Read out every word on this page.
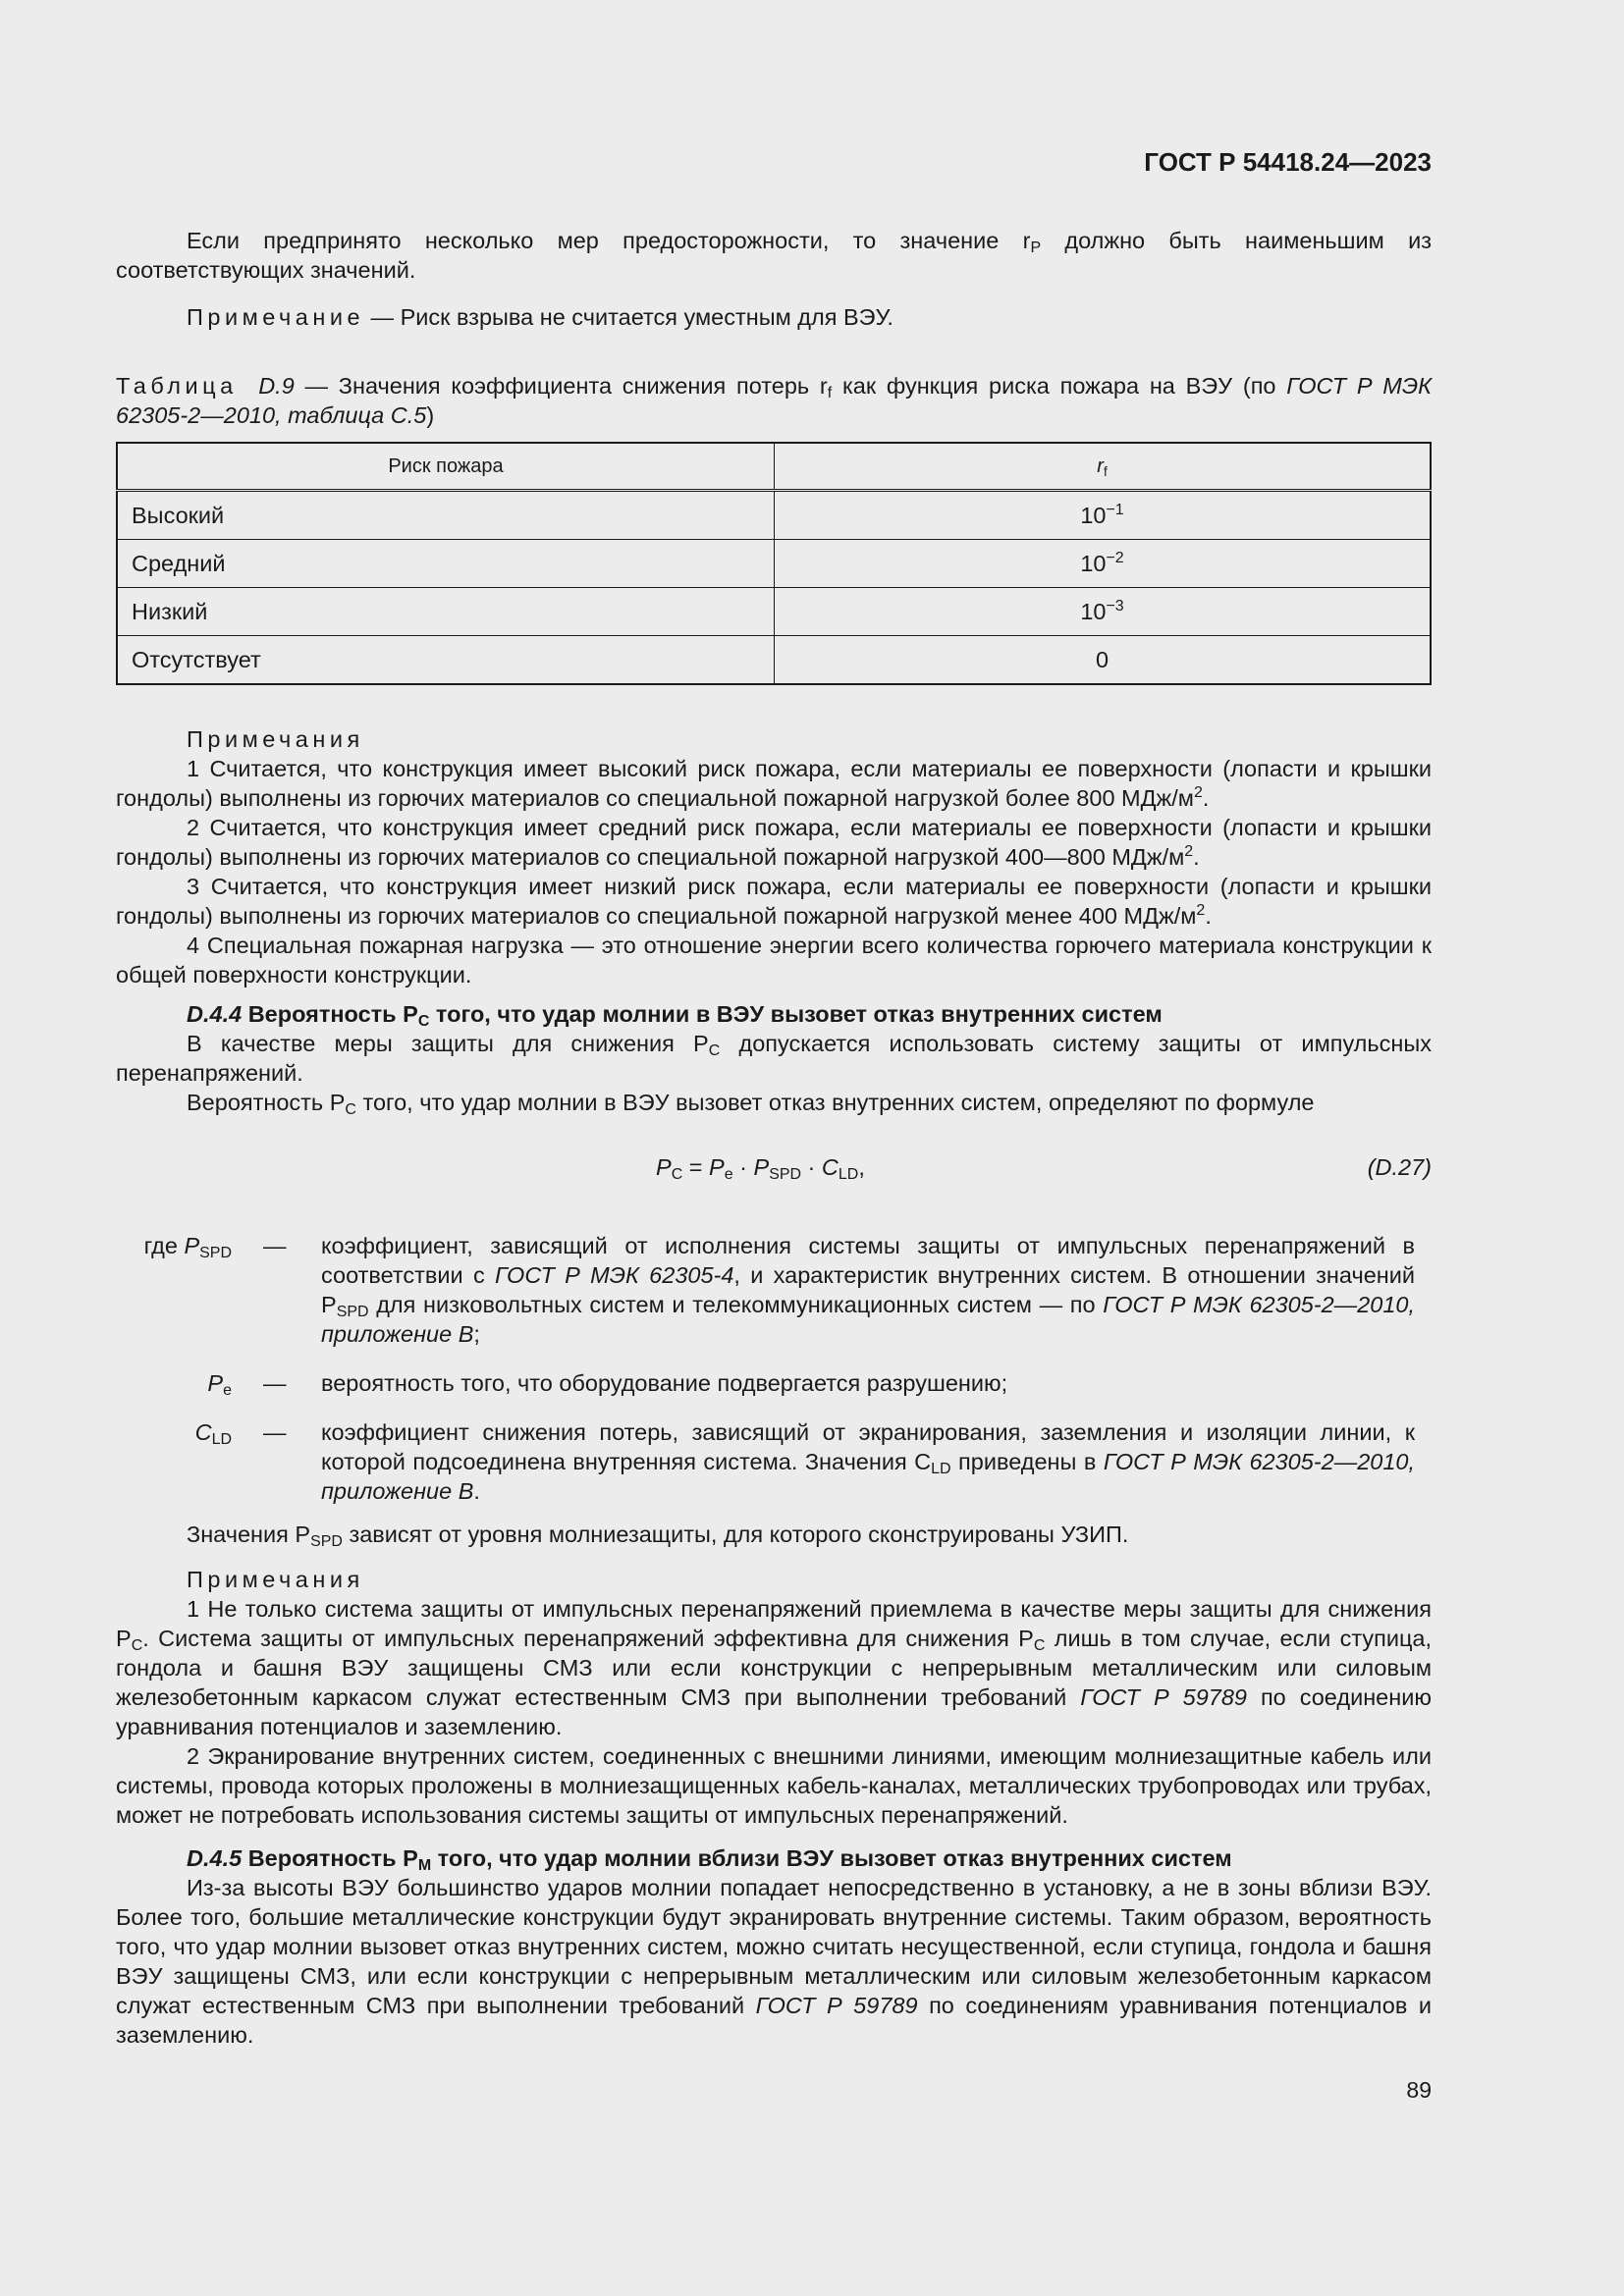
ГОСТ Р 54418.24—2023

Если предпринято несколько мер предосторожности, то значение $r_P$ должно быть наименьшим из соответствующих значений.

Примечание — Риск взрыва не считается уместным для ВЭУ.

Таблица D.9 — Значения коэффициента снижения потерь $r_f$ как функция риска пожара на ВЭУ (по ГОСТ Р МЭК 62305-2—2010, таблица С.5)

Риск пожара	$r_f$
Высокий	$10^{-1}$
Средний	$10^{-2}$
Низкий	$10^{-3}$
Отсутствует	0

Примечания

1 Считается, что конструкция имеет высокий риск пожара, если материалы ее поверхности (лопасти и крышки гондолы) выполнены из горючих материалов со специальной пожарной нагрузкой более 800 МДж/$м^2$.

2 Считается, что конструкция имеет средний риск пожара, если материалы ее поверхности (лопасти и крышки гондолы) выполнены из горючих материалов со специальной пожарной нагрузкой 400—800 МДж/$м^2$.

3 Считается, что конструкция имеет низкий риск пожара, если материалы ее поверхности (лопасти и крышки гондолы) выполнены из горючих материалов со специальной пожарной нагрузкой менее 400 МДж/$м^2$.

4 Специальная пожарная нагрузка — это отношение энергии всего количества горючего материала конструкции к общей поверхности конструкции.

D.4.4 Вероятность $P_C$ того, что удар молнии в ВЭУ вызовет отказ внутренних систем

В качестве меры защиты для снижения $P_C$ допускается использовать систему защиты от импульсных перенапряжений.

Вероятность $P_C$ того, что удар молнии в ВЭУ вызовет отказ внутренних систем, определяют по формуле

$P_C = P_e \cdot P_{SPD} \cdot C_{LD}$,	(D.27)
где $P_{SPD}$ — коэффициент, зависящий от исполнения системы защиты от импульсных перенапряжений в соответствии с ГОСТ Р МЭК 62305-4, и характеристик внутренних систем. В отношении значений $P_{SPD}$ для низковольтных систем и телекоммуникационных систем — по ГОСТ Р МЭК 62305-2—2010, приложение В;

$P_e$ — вероятность того, что оборудование подвергается разрушению;

$C_{LD}$ — коэффициент снижения потерь, зависящий от экранирования, заземления и изоляции линии, к которой подсоединена внутренняя система. Значения $C_{LD}$ приведены в ГОСТ Р МЭК 62305-2—2010, приложение В.

Значения $P_{SPD}$ зависят от уровня молниезащиты, для которого сконструированы УЗИП.

Примечания

1 Не только система защиты от импульсных перенапряжений приемлема в качестве меры защиты для снижения $P_C$. Система защиты от импульсных перенапряжений эффективна для снижения $P_C$ лишь в том случае, если ступица, гондола и башня ВЭУ защищены СМЗ или если конструкции с непрерывным металлическим или силовым железобетонным каркасом служат естественным СМЗ при выполнении требований ГОСТ Р 59789 по соединению уравнивания потенциалов и заземлению.

2 Экранирование внутренних систем, соединенных с внешними линиями, имеющим молниезащитные кабель или системы, провода которых проложены в молниезащищенных кабель-каналах, металлических трубопроводах или трубах, может не потребовать использования системы защиты от импульсных перенапряжений.

D.4.5 Вероятность $P_M$ того, что удар молнии вблизи ВЭУ вызовет отказ внутренних систем

Из-за высоты ВЭУ большинство ударов молнии попадает непосредственно в установку, а не в зоны вблизи ВЭУ. Более того, большие металлические конструкции будут экранировать внутренние системы. Таким образом, вероятность того, что удар молнии вызовет отказ внутренних систем, можно считать несущественной, если ступица, гондола и башня ВЭУ защищены СМЗ, или если конструкции с непрерывным металлическим или силовым железобетонным каркасом служат естественным СМЗ при выполнении требований ГОСТ Р 59789 по соединениям уравнивания потенциалов и заземлению.

89
